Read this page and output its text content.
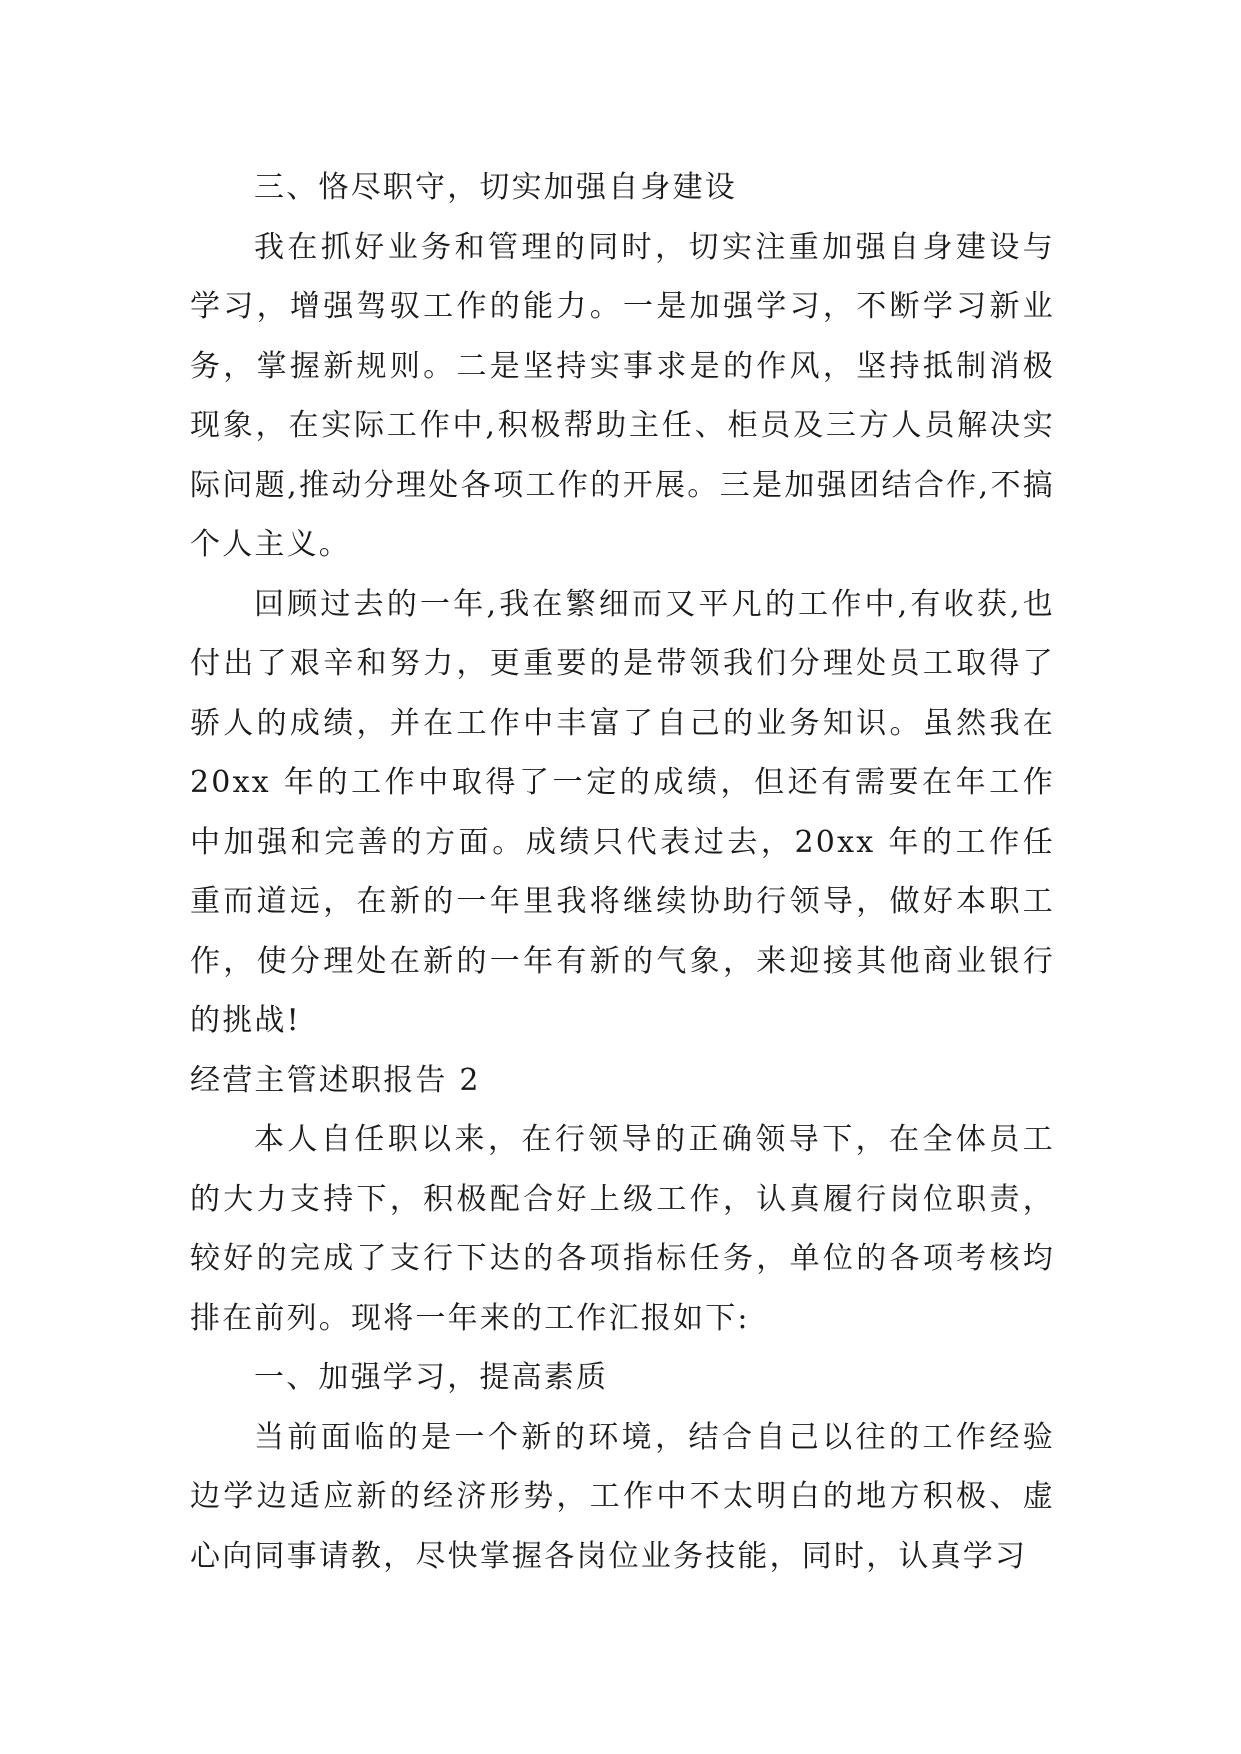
三、恪尽职守，切实加强自身建设

我在抓好业务和管理的同时，切实注重加强自身建设与学习，增强驾驭工作的能力。一是加强学习，不断学习新业务，掌握新规则。二是坚持实事求是的作风，坚持抵制消极现象，在实际工作中,积极帮助主任、柜员及三方人员解决实际问题,推动分理处各项工作的开展。三是加强团结合作,不搞个人主义。

回顾过去的一年,我在繁细而又平凡的工作中,有收获,也付出了艰辛和努力，更重要的是带领我们分理处员工取得了骄人的成绩，并在工作中丰富了自己的业务知识。虽然我在 20xx 年的工作中取得了一定的成绩，但还有需要在年工作中加强和完善的方面。成绩只代表过去，20xx 年的工作任重而道远，在新的一年里我将继续协助行领导，做好本职工作，使分理处在新的一年有新的气象，来迎接其他商业银行的挑战!

经营主管述职报告 2

本人自任职以来，在行领导的正确领导下，在全体员工的大力支持下，积极配合好上级工作，认真履行岗位职责，较好的完成了支行下达的各项指标任务，单位的各项考核均排在前列。现将一年来的工作汇报如下:

一、加强学习，提高素质

当前面临的是一个新的环境，结合自己以往的工作经验边学边适应新的经济形势，工作中不太明白的地方积极、虚心向同事请教，尽快掌握各岗位业务技能，同时，认真学习
